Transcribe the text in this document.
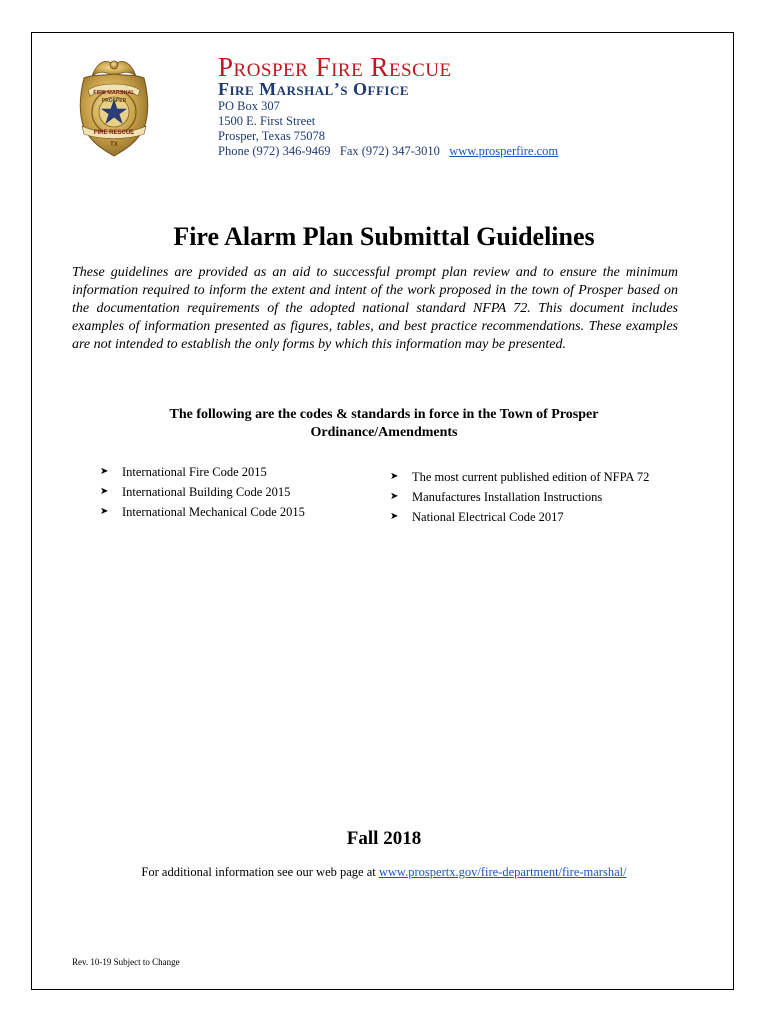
FIRE MARSHAL
PROSPER
FIRE RESCUE
TX
Prosper Fire Rescue
Fire Marshal’s Office
PO Box 307
1500 E. First Street
Prosper, Texas 75078
Phone (972) 346-9469 Fax (972) 347-3010 www.prosperfire.com
Fire Alarm Plan Submittal Guidelines
These guidelines are provided as an aid to successful prompt plan review and to ensure the minimum information required to inform the extent and intent of the work proposed in the town of Prosper based on the documentation requirements of the adopted national standard NFPA 72. This document includes examples of information presented as figures, tables, and best practice recommendations. These examples are not intended to establish the only forms by which this information may be presented.
The following are the codes & standards in force in the Town of Prosper
Ordinance/Amendments
➤ International Fire Code 2015
➤ International Building Code 2015
➤ International Mechanical Code 2015
➤ The most current published edition of NFPA 72
➤ Manufactures Installation Instructions
➤ National Electrical Code 2017
Fall 2018
For additional information see our web page at www.prospertx.gov/fire-department/fire-marshal/
Rev. 10-19 Subject to Change
